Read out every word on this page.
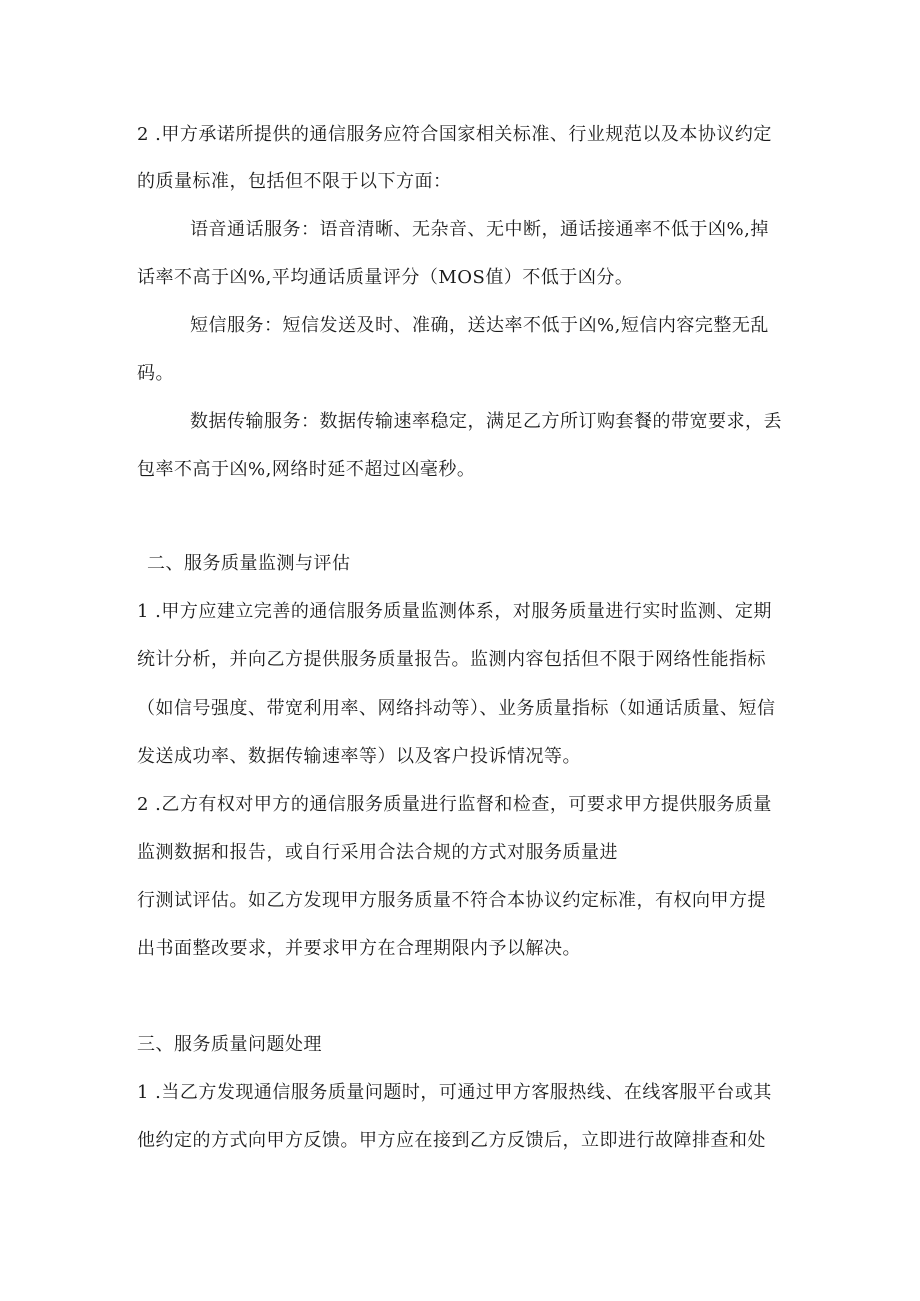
2 .甲方承诺所提供的通信服务应符合国家相关标准、行业规范以及本协议约定
的质量标准，包括但不限于以下方面：
语音通话服务：语音清晰、无杂音、无中断，通话接通率不低于凶%,掉
话率不高于凶%,平均通话质量评分（MOS值）不低于凶分。
短信服务：短信发送及时、准确，送达率不低于凶%,短信内容完整无乱
码。
数据传输服务：数据传输速率稳定，满足乙方所订购套餐的带宽要求，丢
包率不高于凶%,网络时延不超过凶毫秒。
二、服务质量监测与评估
1 .甲方应建立完善的通信服务质量监测体系，对服务质量进行实时监测、定期
统计分析，并向乙方提供服务质量报告。监测内容包括但不限于网络性能指标
（如信号强度、带宽利用率、网络抖动等）、业务质量指标（如通话质量、短信
发送成功率、数据传输速率等）以及客户投诉情况等。
2 .乙方有权对甲方的通信服务质量进行监督和检查，可要求甲方提供服务质量
监测数据和报告，或自行采用合法合规的方式对服务质量进
行测试评估。如乙方发现甲方服务质量不符合本协议约定标准，有权向甲方提
出书面整改要求，并要求甲方在合理期限内予以解决。
三、服务质量问题处理
1 .当乙方发现通信服务质量问题时，可通过甲方客服热线、在线客服平台或其
他约定的方式向甲方反馈。甲方应在接到乙方反馈后，立即进行故障排查和处
